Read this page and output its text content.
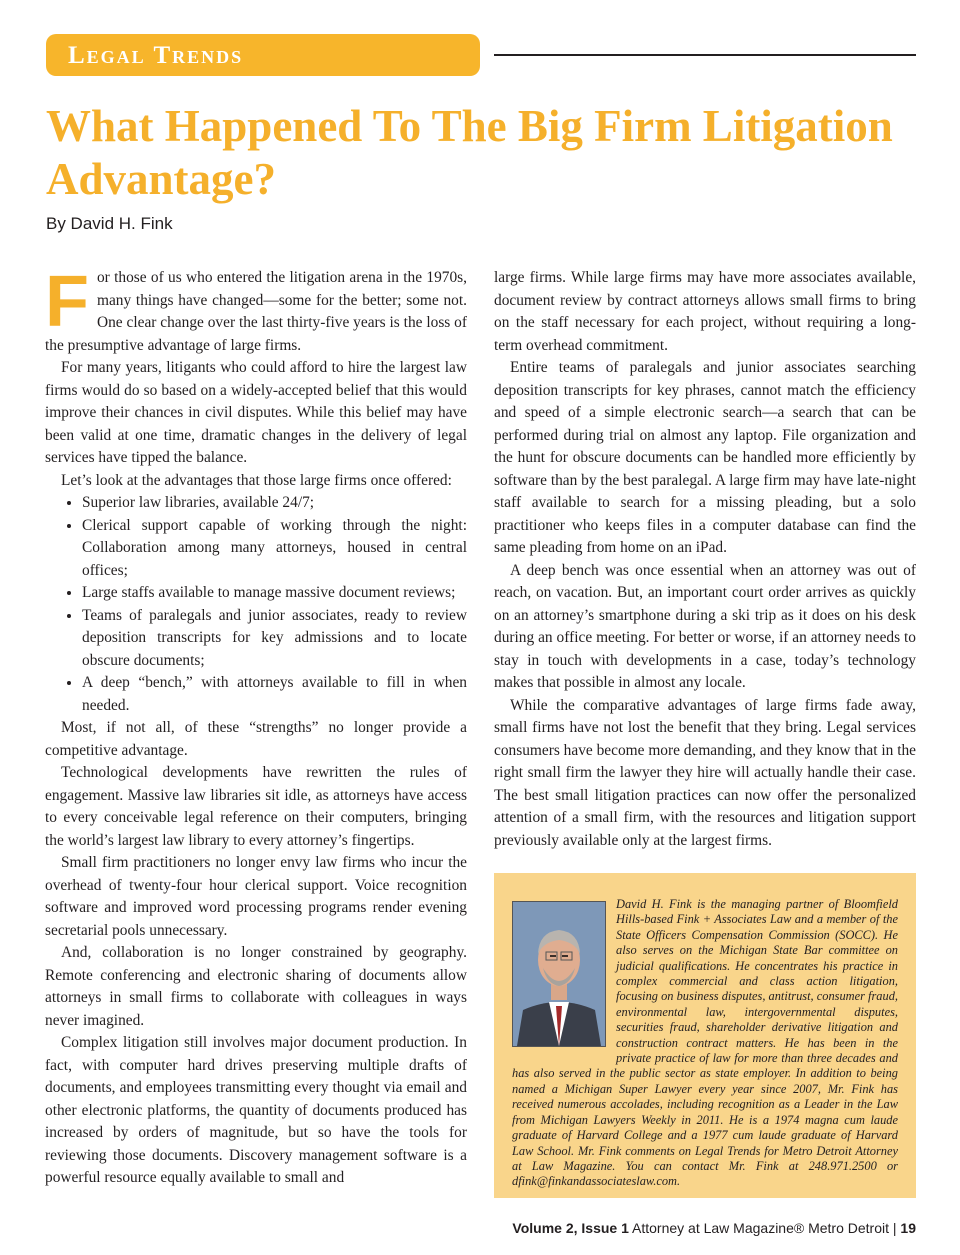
Legal Trends
What Happened To The Big Firm Litigation Advantage?
By David H. Fink

For those of us who entered the litigation arena in the 1970s, many things have changed—some for the better; some not. One clear change over the last thirty-five years is the loss of the presumptive advantage of large firms.

For many years, litigants who could afford to hire the largest law firms would do so based on a widely-accepted belief that this would improve their chances in civil disputes. While this belief may have been valid at one time, dramatic changes in the delivery of legal services have tipped the balance.

Let’s look at the advantages that those large firms once offered:

• Superior law libraries, available 24/7;
• Clerical support capable of working through the night: Collaboration among many attorneys, housed in central offices;
• Large staffs available to manage massive document reviews;
• Teams of paralegals and junior associates, ready to review deposition transcripts for key admissions and to locate obscure documents;
• A deep “bench,” with attorneys available to fill in when needed.

Most, if not all, of these “strengths” no longer provide a competitive advantage.

Technological developments have rewritten the rules of engagement. Massive law libraries sit idle, as attorneys have access to every conceivable legal reference on their computers, bringing the world’s largest law library to every attorney’s fingertips.

Small firm practitioners no longer envy law firms who incur the overhead of twenty-four hour clerical support. Voice recognition software and improved word processing programs render evening secretarial pools unnecessary.

And, collaboration is no longer constrained by geography. Remote conferencing and electronic sharing of documents allow attorneys in small firms to collaborate with colleagues in ways never imagined.

Complex litigation still involves major document production. In fact, with computer hard drives preserving multiple drafts of documents, and employees transmitting every thought via email and other electronic platforms, the quantity of documents produced has increased by orders of magnitude, but so have the tools for reviewing those documents. Discovery management software is a powerful resource equally available to small and

large firms. While large firms may have more associates available, document review by contract attorneys allows small firms to bring on the staff necessary for each project, without requiring a long-term overhead commitment.

Entire teams of paralegals and junior associates searching deposition transcripts for key phrases, cannot match the efficiency and speed of a simple electronic search—a search that can be performed during trial on almost any laptop. File organization and the hunt for obscure documents can be handled more efficiently by software than by the best paralegal. A large firm may have late-night staff available to search for a missing pleading, but a solo practitioner who keeps files in a computer database can find the same pleading from home on an iPad.

A deep bench was once essential when an attorney was out of reach, on vacation. But, an important court order arrives as quickly on an attorney’s smartphone during a ski trip as it does on his desk during an office meeting. For better or worse, if an attorney needs to stay in touch with developments in a case, today’s technology makes that possible in almost any locale.

While the comparative advantages of large firms fade away, small firms have not lost the benefit that they bring. Legal services consumers have become more demanding, and they know that in the right small firm the lawyer they hire will actually handle their case. The best small litigation practices can now offer the personalized attention of a small firm, with the resources and litigation support previously available only at the largest firms.

David H. Fink is the managing partner of Bloomfield Hills-based Fink + Associates Law and a member of the State Officers Compensation Commission (SOCC). He also serves on the Michigan State Bar committee on judicial qualifications. He concentrates his practice in complex commercial and class action litigation, focusing on business disputes, antitrust, consumer fraud, environmental law, intergovernmental disputes, securities fraud, shareholder derivative litigation and construction contract matters. He has been in the private practice of law for more than three decades and has also served in the public sector as state employer. In addition to being named a Michigan Super Lawyer every year since 2007, Mr. Fink has received numerous accolades, including recognition as a Leader in the Law from Michigan Lawyers Weekly in 2011. He is a 1974 magna cum laude graduate of Harvard College and a 1977 cum laude graduate of Harvard Law School. Mr. Fink comments on Legal Trends for Metro Detroit Attorney at Law Magazine. You can contact Mr. Fink at 248.971.2500 or dfink@finkandassociateslaw.com.

Volume 2, Issue 1 Attorney at Law Magazine® Metro Detroit | 19
